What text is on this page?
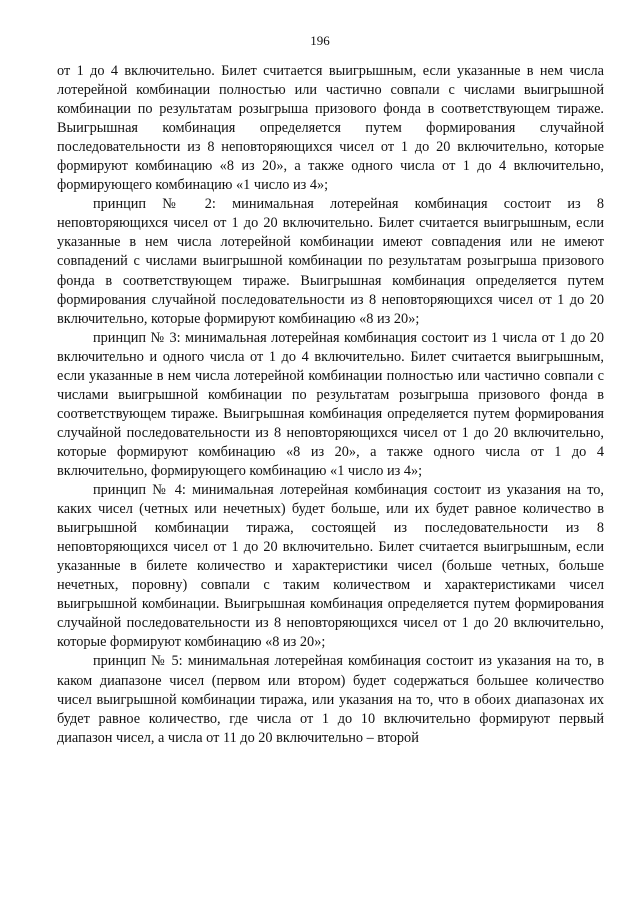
196

от 1 до 4 включительно. Билет считается выигрышным, если указанные в нем числа лотерейной комбинации полностью или частично совпали с числами выигрышной комбинации по результатам розыгрыша призового фонда в соответствующем тираже. Выигрышная комбинация определяется путем формирования случайной последовательности из 8 неповторяющихся чисел от 1 до 20 включительно, которые формируют комбинацию «8 из 20», а также одного числа от 1 до 4 включительно, формирующего комбинацию «1 число из 4»;

принцип № 2: минимальная лотерейная комбинация состоит из 8 неповторяющихся чисел от 1 до 20 включительно. Билет считается выигрышным, если указанные в нем числа лотерейной комбинации имеют совпадения или не имеют совпадений с числами выигрышной комбинации по результатам розыгрыша призового фонда в соответствующем тираже. Выигрышная комбинация определяется путем формирования случайной последовательности из 8 неповторяющихся чисел от 1 до 20 включительно, которые формируют комбинацию «8 из 20»;

принцип № 3: минимальная лотерейная комбинация состоит из 1 числа от 1 до 20 включительно и одного числа от 1 до 4 включительно. Билет считается выигрышным, если указанные в нем числа лотерейной комбинации полностью или частично совпали с числами выигрышной комбинации по результатам розыгрыша призового фонда в соответствующем тираже. Выигрышная комбинация определяется путем формирования случайной последовательности из 8 неповторяющихся чисел от 1 до 20 включительно, которые формируют комбинацию «8 из 20», а также одного числа от 1 до 4 включительно, формирующего комбинацию «1 число из 4»;

принцип № 4: минимальная лотерейная комбинация состоит из указания на то, каких чисел (четных или нечетных) будет больше, или их будет равное количество в выигрышной комбинации тиража, состоящей из последовательности из 8 неповторяющихся чисел от 1 до 20 включительно. Билет считается выигрышным, если указанные в билете количество и характеристики чисел (больше четных, больше нечетных, поровну) совпали с таким количеством и характеристиками чисел выигрышной комбинации. Выигрышная комбинация определяется путем формирования случайной последовательности из 8 неповторяющихся чисел от 1 до 20 включительно, которые формируют комбинацию «8 из 20»;

принцип № 5: минимальная лотерейная комбинация состоит из указания на то, в каком диапазоне чисел (первом или втором) будет содержаться большее количество чисел выигрышной комбинации тиража, или указания на то, что в обоих диапазонах их будет равное количество, где числа от 1 до 10 включительно формируют первый диапазон чисел, а числа от 11 до 20 включительно – второй
